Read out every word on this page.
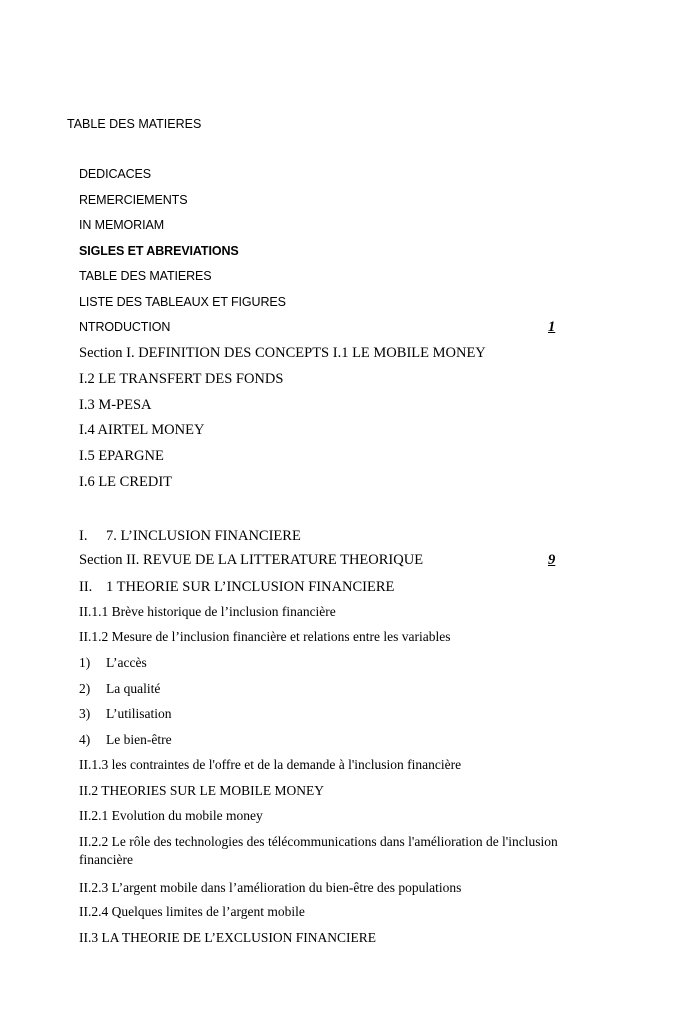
TABLE DES MATIERES
DEDICACES
REMERCIEMENTS
IN MEMORIAM
SIGLES ET ABREVIATIONS
TABLE DES MATIERES
LISTE DES TABLEAUX ET FIGURES
NTRODUCTION	1
Section I. DEFINITION DES CONCEPTS I.1 LE MOBILE MONEY
I.2 LE TRANSFERT DES FONDS
I.3 M-PESA
I.4 AIRTEL MONEY
I.5 EPARGNE
I.6 LE CREDIT
I. 7. L’INCLUSION FINANCIERE
Section II. REVUE DE LA LITTERATURE THEORIQUE	9
II. 1 THEORIE SUR L’INCLUSION FINANCIERE
II.1.1 Brève historique de l’inclusion financière
II.1.2 Mesure de l’inclusion financière et relations entre les variables
1) L’accès
2) La qualité
3) L’utilisation
4) Le bien-être
II.1.3 les contraintes de l'offre et de la demande à l'inclusion financière
II.2 THEORIES SUR LE MOBILE MONEY
II.2.1 Evolution du mobile money
II.2.2 Le rôle des technologies des télécommunications dans l'amélioration de l'inclusion financière
II.2.3 L’argent mobile dans l’amélioration du bien-être des populations
II.2.4 Quelques limites de l’argent mobile
II.3 LA THEORIE DE L’EXCLUSION FINANCIERE
